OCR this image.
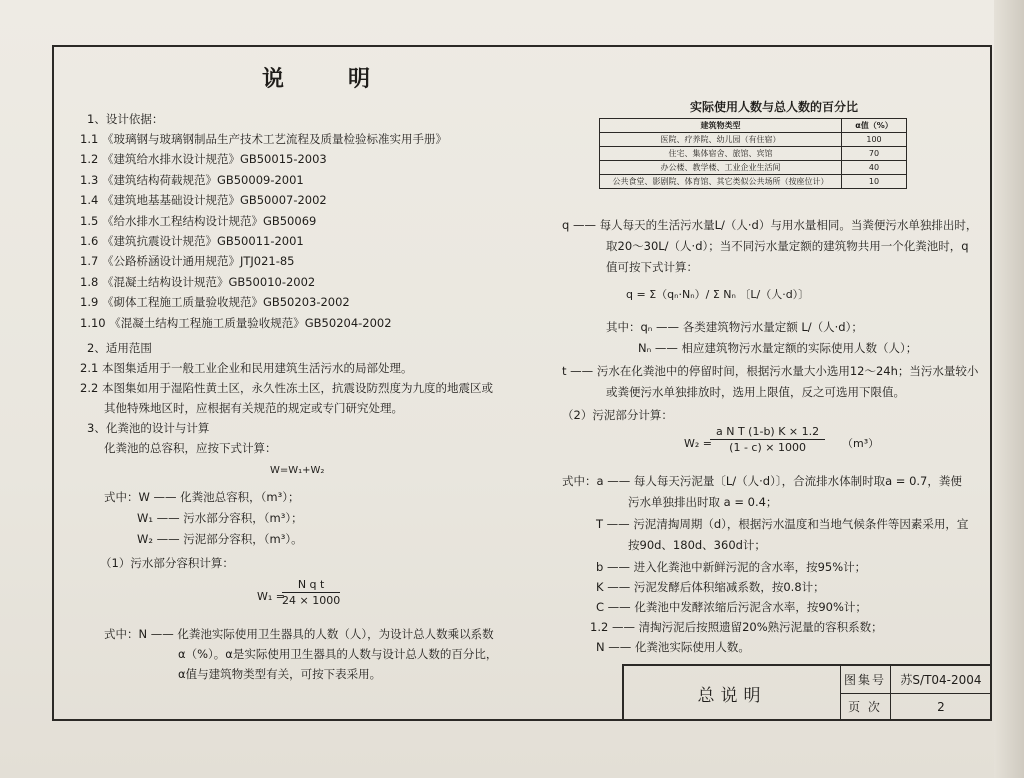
说	明
1、设计依据：
1.1 《玻璃钢与玻璃钢制品生产技术工艺流程及质量检验标准实用手册》
1.2 《建筑给水排水设计规范》GB50015-2003
1.3 《建筑结构荷载规范》GB50009-2001
1.4 《建筑地基基础设计规范》GB50007-2002
1.5 《给水排水工程结构设计规范》GB50069
1.6 《建筑抗震设计规范》GB50011-2001
1.7 《公路桥涵设计通用规范》JTJ021-85
1.8 《混凝土结构设计规范》GB50010-2002
1.9 《砌体工程施工质量验收规范》GB50203-2002
1.10 《混凝土结构工程施工质量验收规范》GB50204-2002
2、适用范围
2.1 本图集适用于一般工业企业和民用建筑生活污水的局部处理。
2.2 本图集如用于湿陷性黄土区，永久性冻土区，抗震设防烈度为九度的地震区或
其他特殊地区时，应根据有关规范的规定或专门研究处理。
3、化粪池的设计与计算
化粪池的总容积，应按下式计算：
W=W₁+W₂
式中：W —— 化粪池总容积，（m³）；
W₁ —— 污水部分容积，（m³）；
W₂ —— 污泥部分容积，（m³）。
（1）污水部分容积计算：
W₁ =
$\frac{\text{N q t}}{24 \times 1000}$
式中：N —— 化粪池实际使用卫生器具的人数（人），为设计总人数乘以系数
α（%）。α是实际使用卫生器具的人数与设计总人数的百分比，
α值与建筑物类型有关，可按下表采用。
实际使用人数与总人数的百分比
建筑物类型	α值（%）
医院、疗养院、幼儿园（有住宿）	100
住宅、集体宿舍、旅馆、宾馆	70
办公楼、教学楼、工业企业生活间	40
公共食堂、影剧院、体育馆、其它类似公共场所（按座位计）	10
q —— 每人每天的生活污水量L/（人·d）与用水量相同。当粪便污水单独排出时，
取20～30L/（人·d）；当不同污水量定额的建筑物共用一个化粪池时，q
值可按下式计算：
q = Σ（qₙ·Nₙ）/ Σ Nₙ 〔L/（人·d）〕
其中：qₙ —— 各类建筑物污水量定额 L/（人·d）；
Nₙ —— 相应建筑物污水量定额的实际使用人数（人）；
t —— 污水在化粪池中的停留时间，根据污水量大小选用12～24h；当污水量较小
或粪便污水单独排放时，选用上限值，反之可选用下限值。
（2）污泥部分计算：
W₂ =
$\frac{\text{a N T (1-b) K × 1.2}}{(1 - c) \times 1000} (m^3)$
式中：a —— 每人每天污泥量〔L/（人·d）〕，合流排水体制时取a = 0.7，粪便
污水单独排出时取 a = 0.4；
T —— 污泥清掏周期（d），根据污水温度和当地气候条件等因素采用，宜
按90d、180d、360d计；
b —— 进入化粪池中新鲜污泥的含水率，按95%计；
K —— 污泥发酵后体积缩减系数，按0.8计；
C —— 化粪池中发酵浓缩后污泥含水率，按90%计；
1.2 —— 清掏污泥后按照遗留20%熟污泥量的容积系数；
N —— 化粪池实际使用人数。
总说明
图集号	苏S/T04-2004
页 次	2
